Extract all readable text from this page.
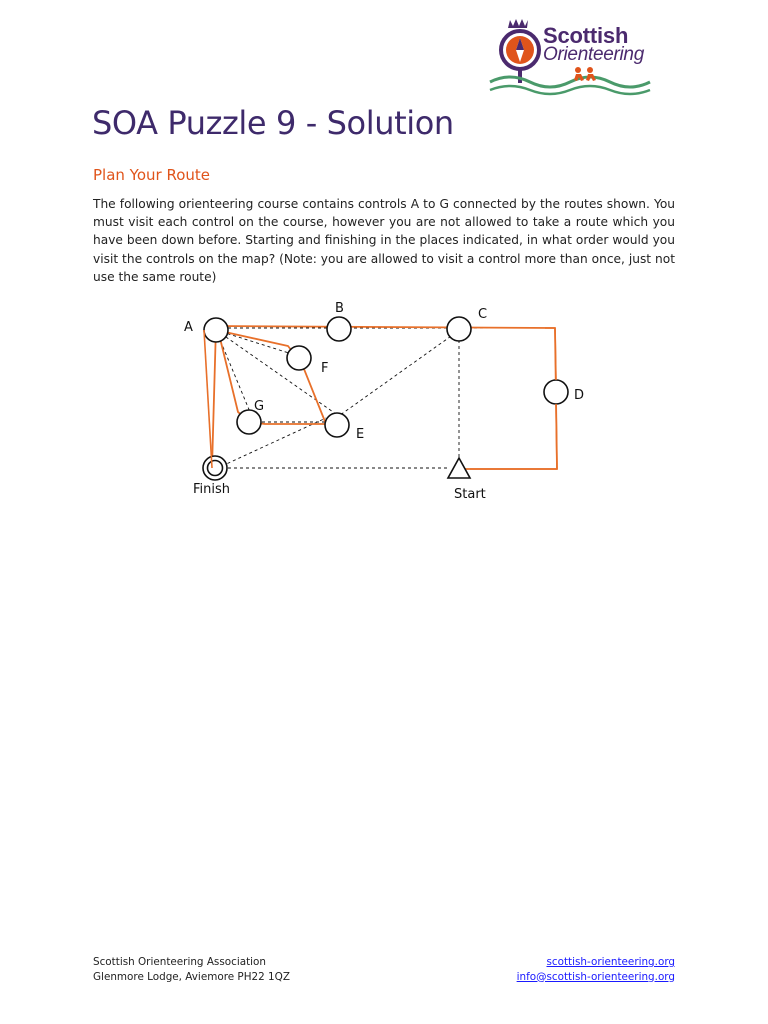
Scottish
Orienteering
SOA Puzzle 9 - Solution
Plan Your Route

The following orienteering course contains controls A to G connected by the routes shown. You must visit each control on the course, however you are not allowed to take a route which you have been down before. Starting and finishing in the places indicated, in what order would you visit the controls on the map? (Note: you are allowed to visit a control more than once, just not use the same route)

A
B	C
D
E
F
G
Finish	Start
Scottish Orienteering Association
Glenmore Lodge, Aviemore PH22 1QZ
scottish-orienteering.org
info@scottish-orienteering.org
